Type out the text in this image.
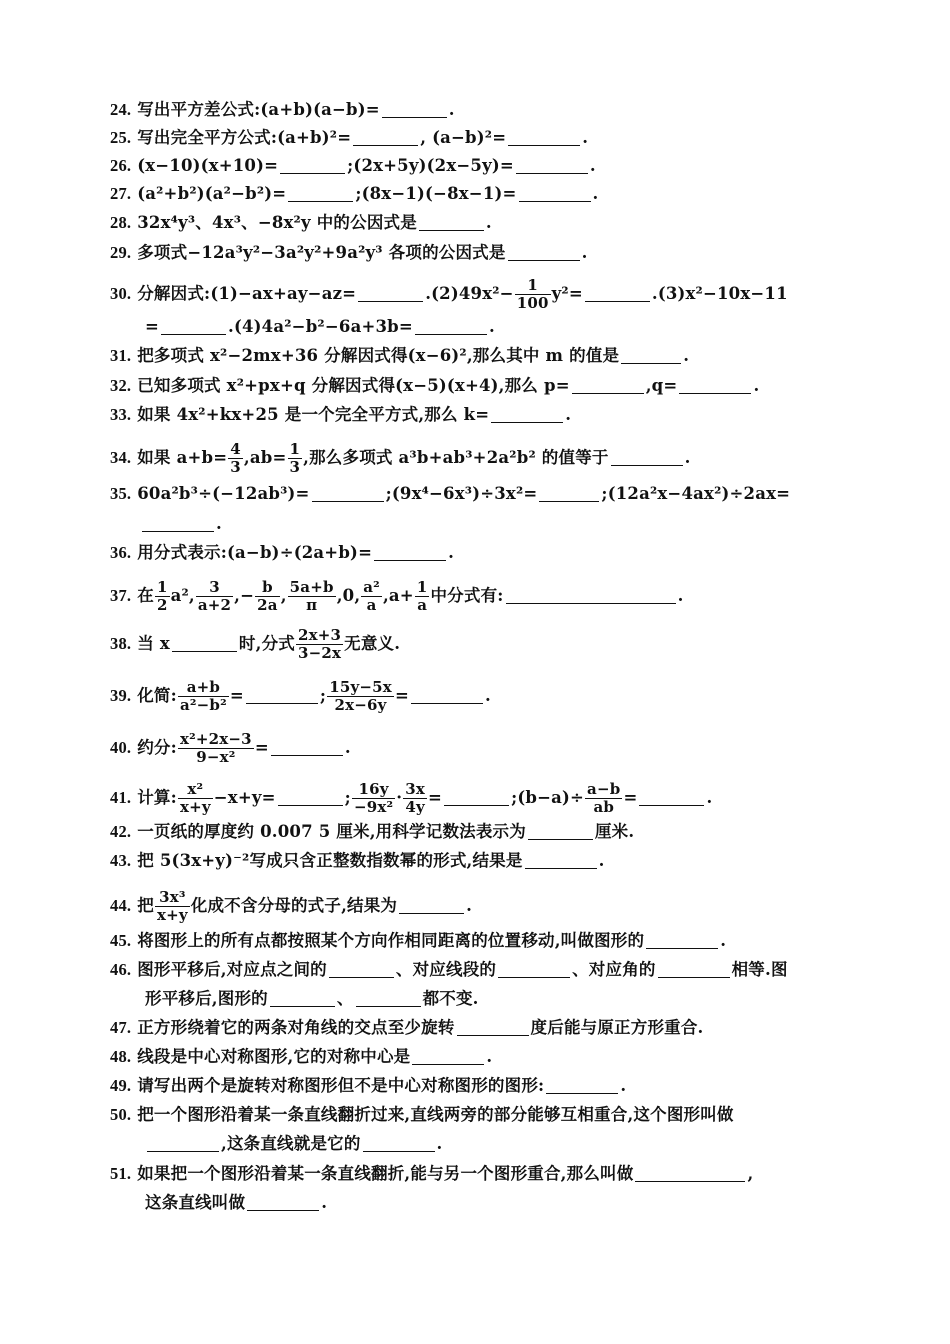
24. 写出平方差公式:(a+b)(a−b)=	.
25. 写出完全平方公式:(a+b)²=	, (a−b)²=	.
26. (x−10)(x+10)=	;(2x+5y)(2x−5y)=	.
27. (a²+b²)(a²−b²)=	;(8x−1)(−8x−1)=	.
28. 32x⁴y³、4x³、−8x²y 中的公因式是	.
29. 多项式−12a³y²−3a²y²+9a²y³ 各项的公因式是	.
30. 分解因式:(1)−ax+ay−az=	$.(2)49x^2- \frac{1}{100} y^2=$	.(3)x²−10x−11
=	.(4)4a²−b²−6a+3b=	.
31. 把多项式 x²−2mx+36 分解因式得(x−6)²,那么其中 m 的值是	.
32. 已知多项式 x²+px+q 分解因式得(x−5)(x+4),那么 p=	,q=	.
33. 如果 4x²+kx+25 是一个完全平方式,那么 k=	.
34. 如果 $a+b= \frac{4}{3} ,ab= \frac{1}{3}$ ,那么多项式 a³b+ab³+2a²b² 的值等于	.
35. 60a²b³÷(−12ab³)=	;(9x⁴−6x³)÷3x²=	;(12a²x−4ax²)÷2ax=
.
36. 用分式表示:(a−b)÷(2a+b)=	.
37. 在 $\frac{1}{2} a^2$, $\frac{3}{a+2}$ ,− $\frac{b}{2a}$ , $\frac{5a+b}{\pi} ,0$, $\frac{\text{a²}}{a} ,a+ \frac{1}{a}$ 中分式有:	.
38. 当 x	时,分式 $\frac{2x+3}{3-2x}$ 无意义.
39. 化简: $\frac{a+b}{\text{a²−b²}}$ =	; $\frac{15y-5x}{2x-6y}$ =	.
40. 约分: $\frac{\text{x²+2x−3}}{\text{9−x²}}$ =	.
41. 计算: $\frac{\text{x²}}{x+y} -x+y=$	; $\frac{16y}{\text{−9x²}} \cdot \frac{3x}{4y}$ =	;(b−a)÷ $\frac{a-b}{ab}$ =	.
42. 一页纸的厚度约 0.007 5 厘米,用科学记数法表示为	厘米.
43. 把 5(3x+y)⁻²写成只含正整数指数幂的形式,结果是	.
44. 把 $\frac{\text{3x³}}{x+y}$ 化成不含分母的式子,结果为	.
45. 将图形上的所有点都按照某个方向作相同距离的位置移动,叫做图形的	.
46. 图形平移后,对应点之间的	、对应线段的	、对应角的	相等.图
形平移后,图形的	、	都不变.
47. 正方形绕着它的两条对角线的交点至少旋转	度后能与原正方形重合.
48. 线段是中心对称图形,它的对称中心是	.
49. 请写出两个是旋转对称图形但不是中心对称图形的图形:	.
50. 把一个图形沿着某一条直线翻折过来,直线两旁的部分能够互相重合,这个图形叫做
,这条直线就是它的	.
51. 如果把一个图形沿着某一条直线翻折,能与另一个图形重合,那么叫做	,
这条直线叫做	.
